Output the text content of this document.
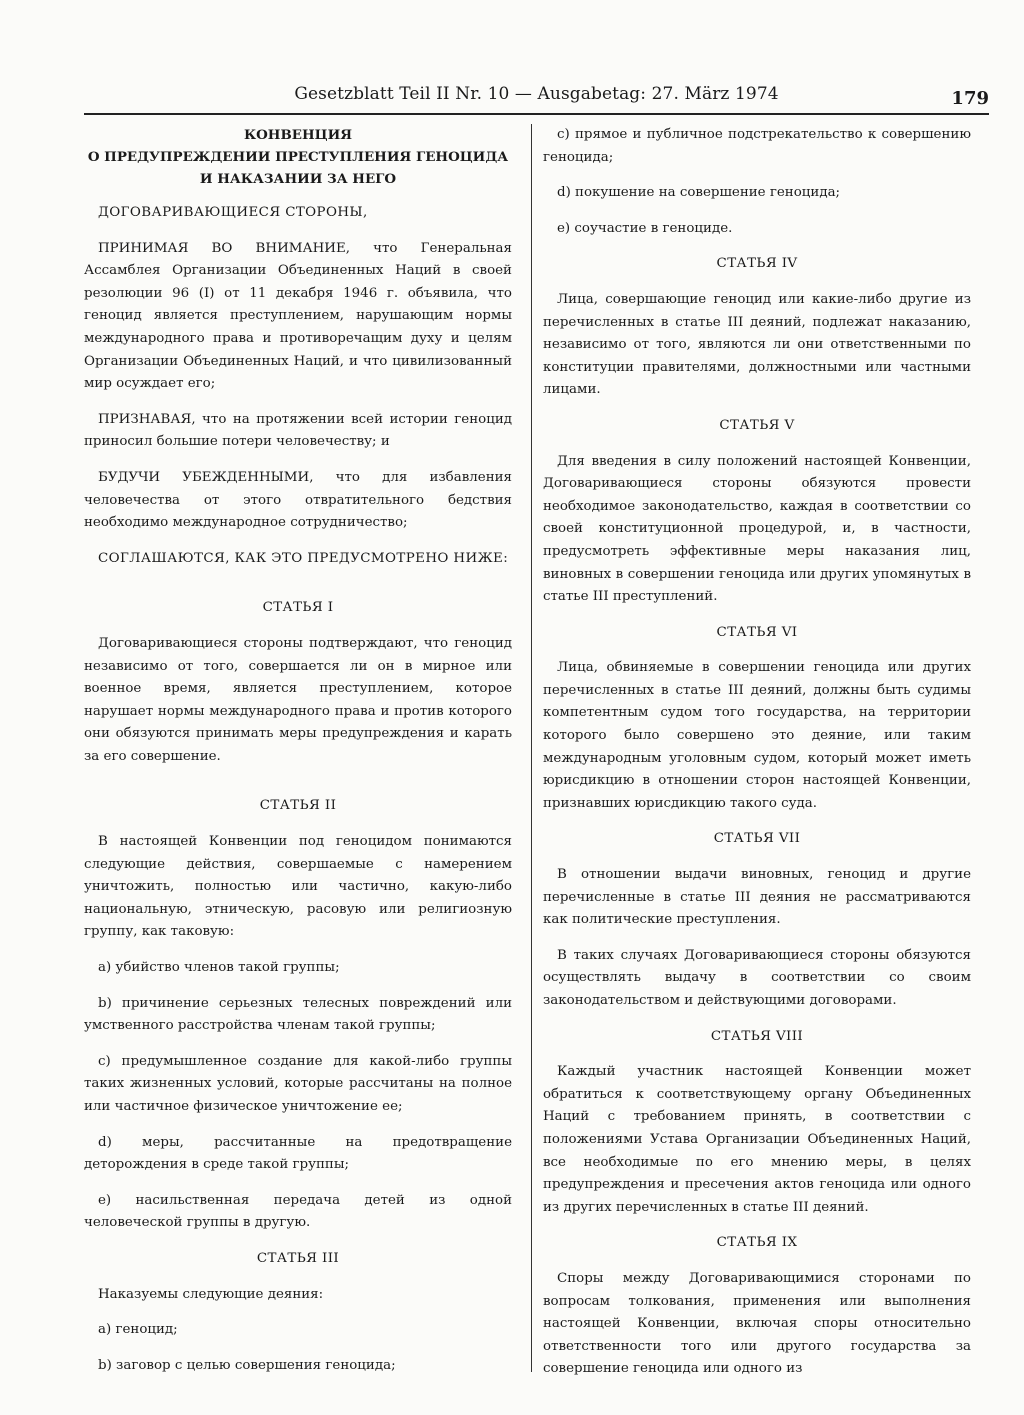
Gesetzblatt Teil II Nr. 10 — Ausgabetag: 27. März 1974	179
КОНВЕНЦИЯ
О ПРЕДУПРЕЖДЕНИИ ПРЕСТУПЛЕНИЯ ГЕНОЦИДА
И НАКАЗАНИИ ЗА НЕГО

ДОГОВАРИВАЮЩИЕСЯ СТОРОНЫ,

ПРИНИМАЯ ВО ВНИМАНИЕ, что Генеральная Ассамблея Организации Объединенных Наций в своей резолюции 96 (I) от 11 декабря 1946 г. объявила, что геноцид является преступлением, нарушающим нормы международного права и противоречащим духу и целям Организации Объединенных Наций, и что цивилизованный мир осуждает его;

ПРИЗНАВАЯ, что на протяжении всей истории геноцид приносил большие потери человечеству; и

БУДУЧИ УБЕЖДЕННЫМИ, что для избавления человечества от этого отвратительного бедствия необходимо международное сотрудничество;

СОГЛАШАЮТСЯ, КАК ЭТО ПРЕДУСМОТРЕНО НИЖЕ:

СТАТЬЯ I

Договаривающиеся стороны подтверждают, что геноцид независимо от того, совершается ли он в мирное или военное время, является преступлением, которое нарушает нормы международного права и против которого они обязуются принимать меры предупреждения и карать за его совершение.

СТАТЬЯ II

В настоящей Конвенции под геноцидом понимаются следующие действия, совершаемые с намерением уничтожить, полностью или частично, какую-либо национальную, этническую, расовую или религиозную группу, как таковую:

a) убийство членов такой группы;

b) причинение серьезных телесных повреждений или умственного расстройства членам такой группы;

c) предумышленное создание для какой-либо группы таких жизненных условий, которые рассчитаны на полное или частичное физическое уничтожение ее;

d) меры, рассчитанные на предотвращение деторождения в среде такой группы;

e) насильственная передача детей из одной человеческой группы в другую.

СТАТЬЯ III

Наказуемы следующие деяния:

a) геноцид;

b) заговор с целью совершения геноцида;

c) прямое и публичное подстрекательство к совершению геноцида;

d) покушение на совершение геноцида;

e) соучастие в геноциде.

СТАТЬЯ IV

Лица, совершающие геноцид или какие-либо другие из перечисленных в статье III деяний, подлежат наказанию, независимо от того, являются ли они ответственными по конституции правителями, должностными или частными лицами.

СТАТЬЯ V

Для введения в силу положений настоящей Конвенции, Договаривающиеся стороны обязуются провести необходимое законодательство, каждая в соответствии со своей конституционной процедурой, и, в частности, предусмотреть эффективные меры наказания лиц, виновных в совершении геноцида или других упомянутых в статье III преступлений.

СТАТЬЯ VI

Лица, обвиняемые в совершении геноцида или других перечисленных в статье III деяний, должны быть судимы компетентным судом того государства, на территории которого было совершено это деяние, или таким международным уголовным судом, который может иметь юрисдикцию в отношении сторон настоящей Конвенции, признавших юрисдикцию такого суда.

СТАТЬЯ VII

В отношении выдачи виновных, геноцид и другие перечисленные в статье III деяния не рассматриваются как политические преступления.

В таких случаях Договаривающиеся стороны обязуются осуществлять выдачу в соответствии со своим законодательством и действующими договорами.

СТАТЬЯ VIII

Каждый участник настоящей Конвенции может обратиться к соответствующему органу Объединенных Наций с требованием принять, в соответствии с положениями Устава Организации Объединенных Наций, все необходимые по его мнению меры, в целях предупреждения и пресечения актов геноцида или одного из других перечисленных в статье III деяний.

СТАТЬЯ IX

Споры между Договаривающимися сторонами по вопросам толкования, применения или выполнения настоящей Конвенции, включая споры относительно ответственности того или другого государства за совершение геноцида или одного из
